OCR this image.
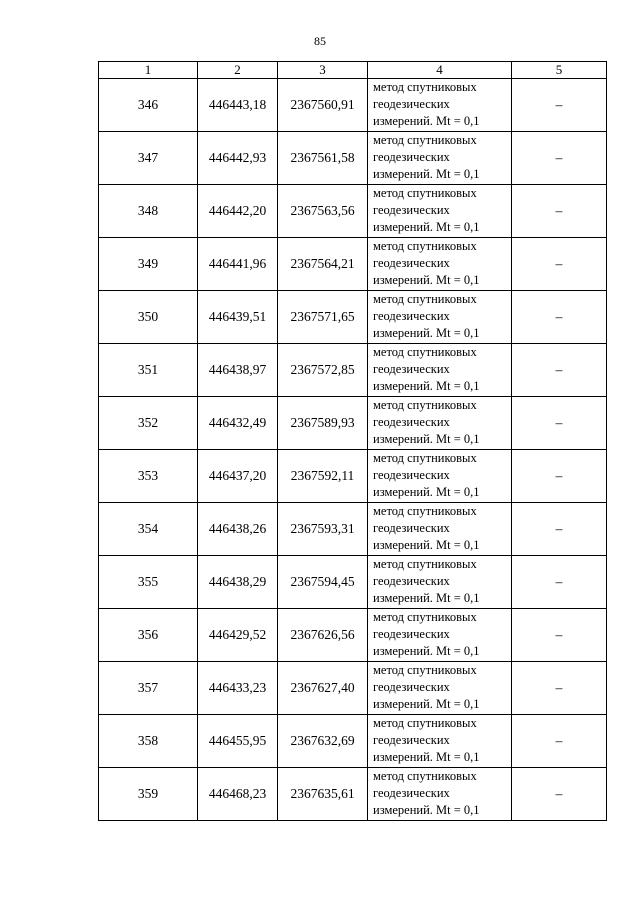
85
1	2	3	4	5
346	446443,18	2367560,91	метод спутниковых
геодезических
измерений. Mt = 0,1	–
347	446442,93	2367561,58	метод спутниковых
геодезических
измерений. Mt = 0,1	–
348	446442,20	2367563,56	метод спутниковых
геодезических
измерений. Mt = 0,1	–
349	446441,96	2367564,21	метод спутниковых
геодезических
измерений. Mt = 0,1	–
350	446439,51	2367571,65	метод спутниковых
геодезических
измерений. Mt = 0,1	–
351	446438,97	2367572,85	метод спутниковых
геодезических
измерений. Mt = 0,1	–
352	446432,49	2367589,93	метод спутниковых
геодезических
измерений. Mt = 0,1	–
353	446437,20	2367592,11	метод спутниковых
геодезических
измерений. Mt = 0,1	–
354	446438,26	2367593,31	метод спутниковых
геодезических
измерений. Mt = 0,1	–
355	446438,29	2367594,45	метод спутниковых
геодезических
измерений. Mt = 0,1	–
356	446429,52	2367626,56	метод спутниковых
геодезических
измерений. Mt = 0,1	–
357	446433,23	2367627,40	метод спутниковых
геодезических
измерений. Mt = 0,1	–
358	446455,95	2367632,69	метод спутниковых
геодезических
измерений. Mt = 0,1	–
359	446468,23	2367635,61	метод спутниковых
геодезических
измерений. Mt = 0,1	–
